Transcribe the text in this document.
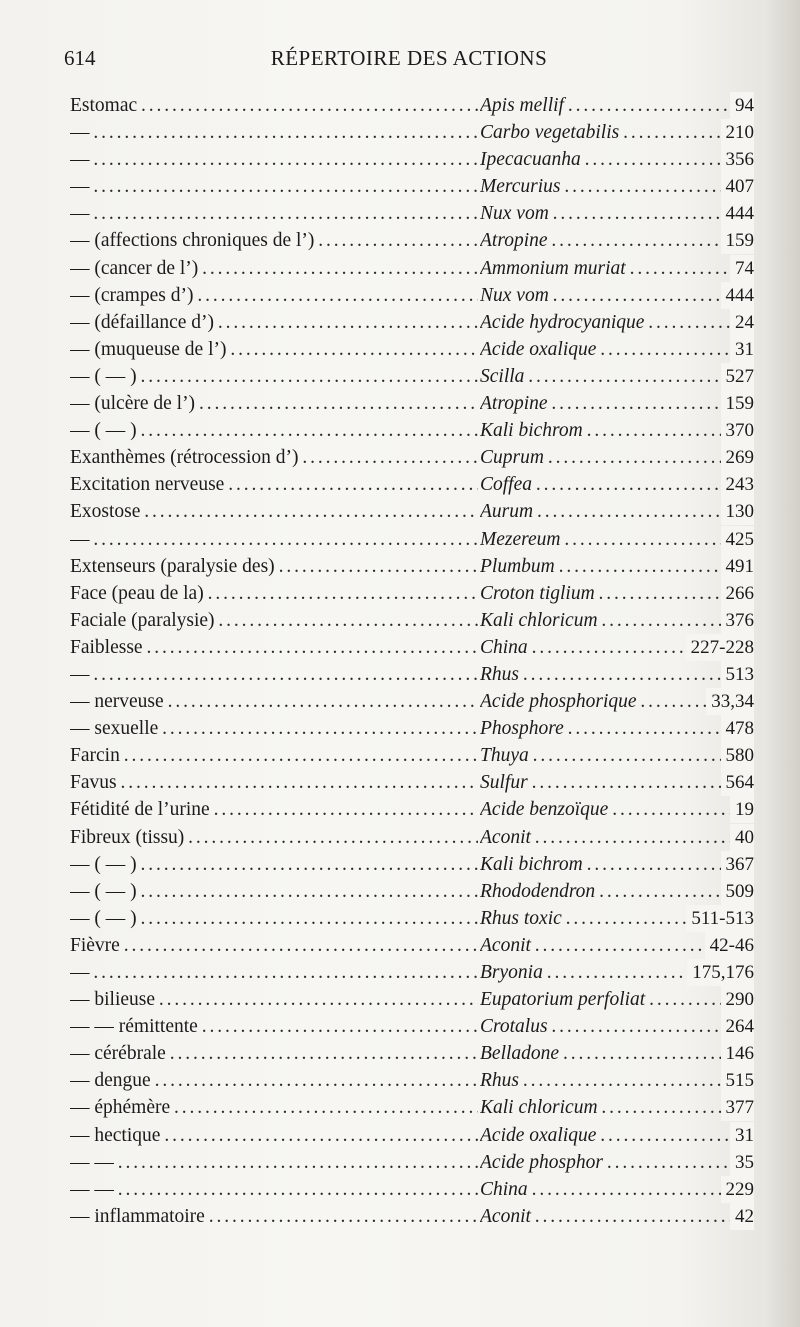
614	RÉPERTOIRE DES ACTIONS
Estomac . . .	Apis mellif . . .	94
— . . .	Carbo vegetabilis . . .	210
— . . .	Ipecacuanha . . .	356
— . . .	Mercurius . . .	407
— . . .	Nux vom . . .	444
— (affections chroniques de l’) . . .	Atropine . . .	159
— (cancer de l’) . . .	Ammonium muriat . . .	74
— (crampes d’) . . .	Nux vom . . .	444
— (défaillance d’) . . .	Acide hydrocyanique . . .	24
— (muqueuse de l’) . . .	Acide oxalique . . .	31
— ( — ) . . .	Scilla . . .	527
— (ulcère de l’) . . .	Atropine . . .	159
— ( — ) . . .	Kali bichrom . . .	370
Exanthèmes (rétrocession d’) . . .	Cuprum . . .	269
Excitation nerveuse . . .	Coffea . . .	243
Exostose . . .	Aurum . . .	130
— . . .	Mezereum . . .	425
Extenseurs (paralysie des) . . .	Plumbum . . .	491
Face (peau de la) . . .	Croton tiglium . . .	266
Faciale (paralysie) . . .	Kali chloricum . . .	376
Faiblesse . . .	China . . .	227-228
— . . .	Rhus . . .	513
— nerveuse . . .	Acide phosphorique . . .	33,34
— sexuelle . . .	Phosphore . . .	478
Farcin . . .	Thuya . . .	580
Favus . . .	Sulfur . . .	564
Fétidité de l’urine . . .	Acide benzoïque . . .	19
Fibreux (tissu) . . .	Aconit . . .	40
— ( — ) . . .	Kali bichrom . . .	367
— ( — ) . . .	Rhododendron . . .	509
— ( — ) . . .	Rhus toxic . . .	511-513
Fièvre . . .	Aconit . . .	42-46
— . . .	Bryonia . . .	175,176
— bilieuse . . .	Eupatorium perfoliat . . .	290
— — rémittente . . .	Crotalus . . .	264
— cérébrale . . .	Belladone . . .	146
— dengue . . .	Rhus . . .	515
— éphémère . . .	Kali chloricum . . .	377
— hectique . . .	Acide oxalique . . .	31
— — . . .	Acide phosphor . . .	35
— — . . .	China . . .	229
— inflammatoire . . .	Aconit . . .	42
